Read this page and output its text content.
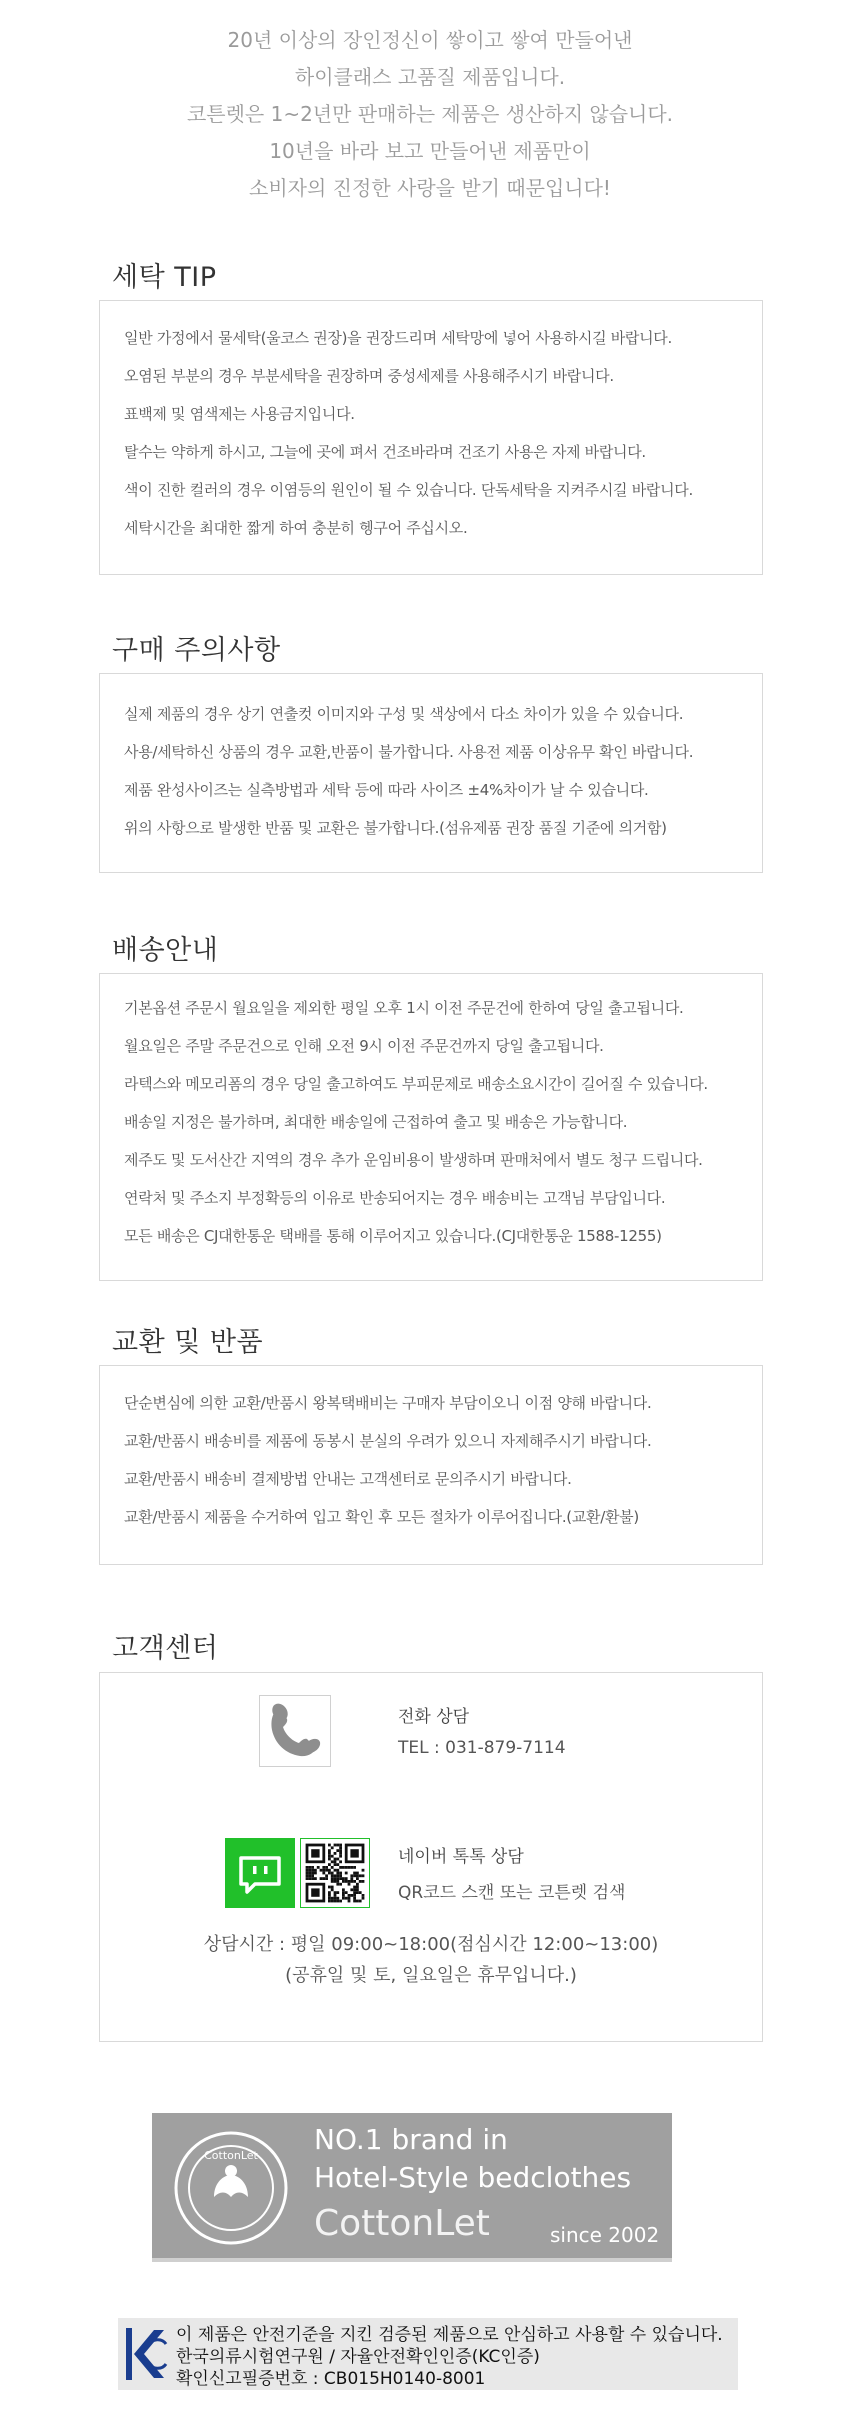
20년 이상의 장인정신이 쌓이고 쌓여 만들어낸

하이클래스 고품질 제품입니다.

코튼렛은 1~2년만 판매하는 제품은 생산하지 않습니다.

10년을 바라 보고 만들어낸 제품만이

소비자의 진정한 사랑을 받기 때문입니다!

세탁 TIP
일반 가정에서 물세탁(울코스 권장)을 권장드리며 세탁망에 넣어 사용하시길 바랍니다.
오염된 부분의 경우 부분세탁을 권장하며 중성세제를 사용해주시기 바랍니다.
표백제 및 염색제는 사용금지입니다.
탈수는 약하게 하시고, 그늘에 곳에 펴서 건조바라며 건조기 사용은 자제 바랍니다.
색이 진한 컬러의 경우 이염등의 원인이 될 수 있습니다. 단독세탁을 지켜주시길 바랍니다.
세탁시간을 최대한 짧게 하여 충분히 헹구어 주십시오.
구매 주의사항
실제 제품의 경우 상기 연출컷 이미지와 구성 및 색상에서 다소 차이가 있을 수 있습니다.
사용/세탁하신 상품의 경우 교환,반품이 불가합니다. 사용전 제품 이상유무 확인 바랍니다.
제품 완성사이즈는 실측방법과 세탁 등에 따라 사이즈 ±4%차이가 날 수 있습니다.
위의 사항으로 발생한 반품 및 교환은 불가합니다.(섬유제품 권장 품질 기준에 의거함)
배송안내
기본옵션 주문시 월요일을 제외한 평일 오후 1시 이전 주문건에 한하여 당일 출고됩니다.
월요일은 주말 주문건으로 인해 오전 9시 이전 주문건까지 당일 출고됩니다.
라텍스와 메모리폼의 경우 당일 출고하여도 부피문제로 배송소요시간이 길어질 수 있습니다.
배송일 지정은 불가하며, 최대한 배송일에 근접하여 출고 및 배송은 가능합니다.
제주도 및 도서산간 지역의 경우 추가 운임비용이 발생하며 판매처에서 별도 청구 드립니다.
연락처 및 주소지 부정확등의 이유로 반송되어지는 경우 배송비는 고객님 부담입니다.
모든 배송은 CJ대한통운 택배를 통해 이루어지고 있습니다.(CJ대한통운 1588-1255)
교환 및 반품
단순변심에 의한 교환/반품시 왕복택배비는 구매자 부담이오니 이점 양해 바랍니다.
교환/반품시 배송비를 제품에 동봉시 분실의 우려가 있으니 자제해주시기 바랍니다.
교환/반품시 배송비 결제방법 안내는 고객센터로 문의주시기 바랍니다.
교환/반품시 제품을 수거하여 입고 확인 후 모든 절차가 이루어집니다.(교환/환불)
고객센터
전화 상담
TEL : 031-879-7114
네이버 톡톡 상담
QR코드 스캔 또는 코튼렛 검색
상담시간 : 평일 09:00~18:00(점심시간 12:00~13:00)
(공휴일 및 토, 일요일은 휴무입니다.)
CottonLet	NO.1 brand in
Hotel-Style bedclothes
CottonLet	since 2002
이 제품은 안전기준을 지킨 검증된 제품으로 안심하고 사용할 수 있습니다.
한국의류시험연구원 / 자율안전확인인증(KC인증)
확인신고필증번호 : CB015H0140-8001
